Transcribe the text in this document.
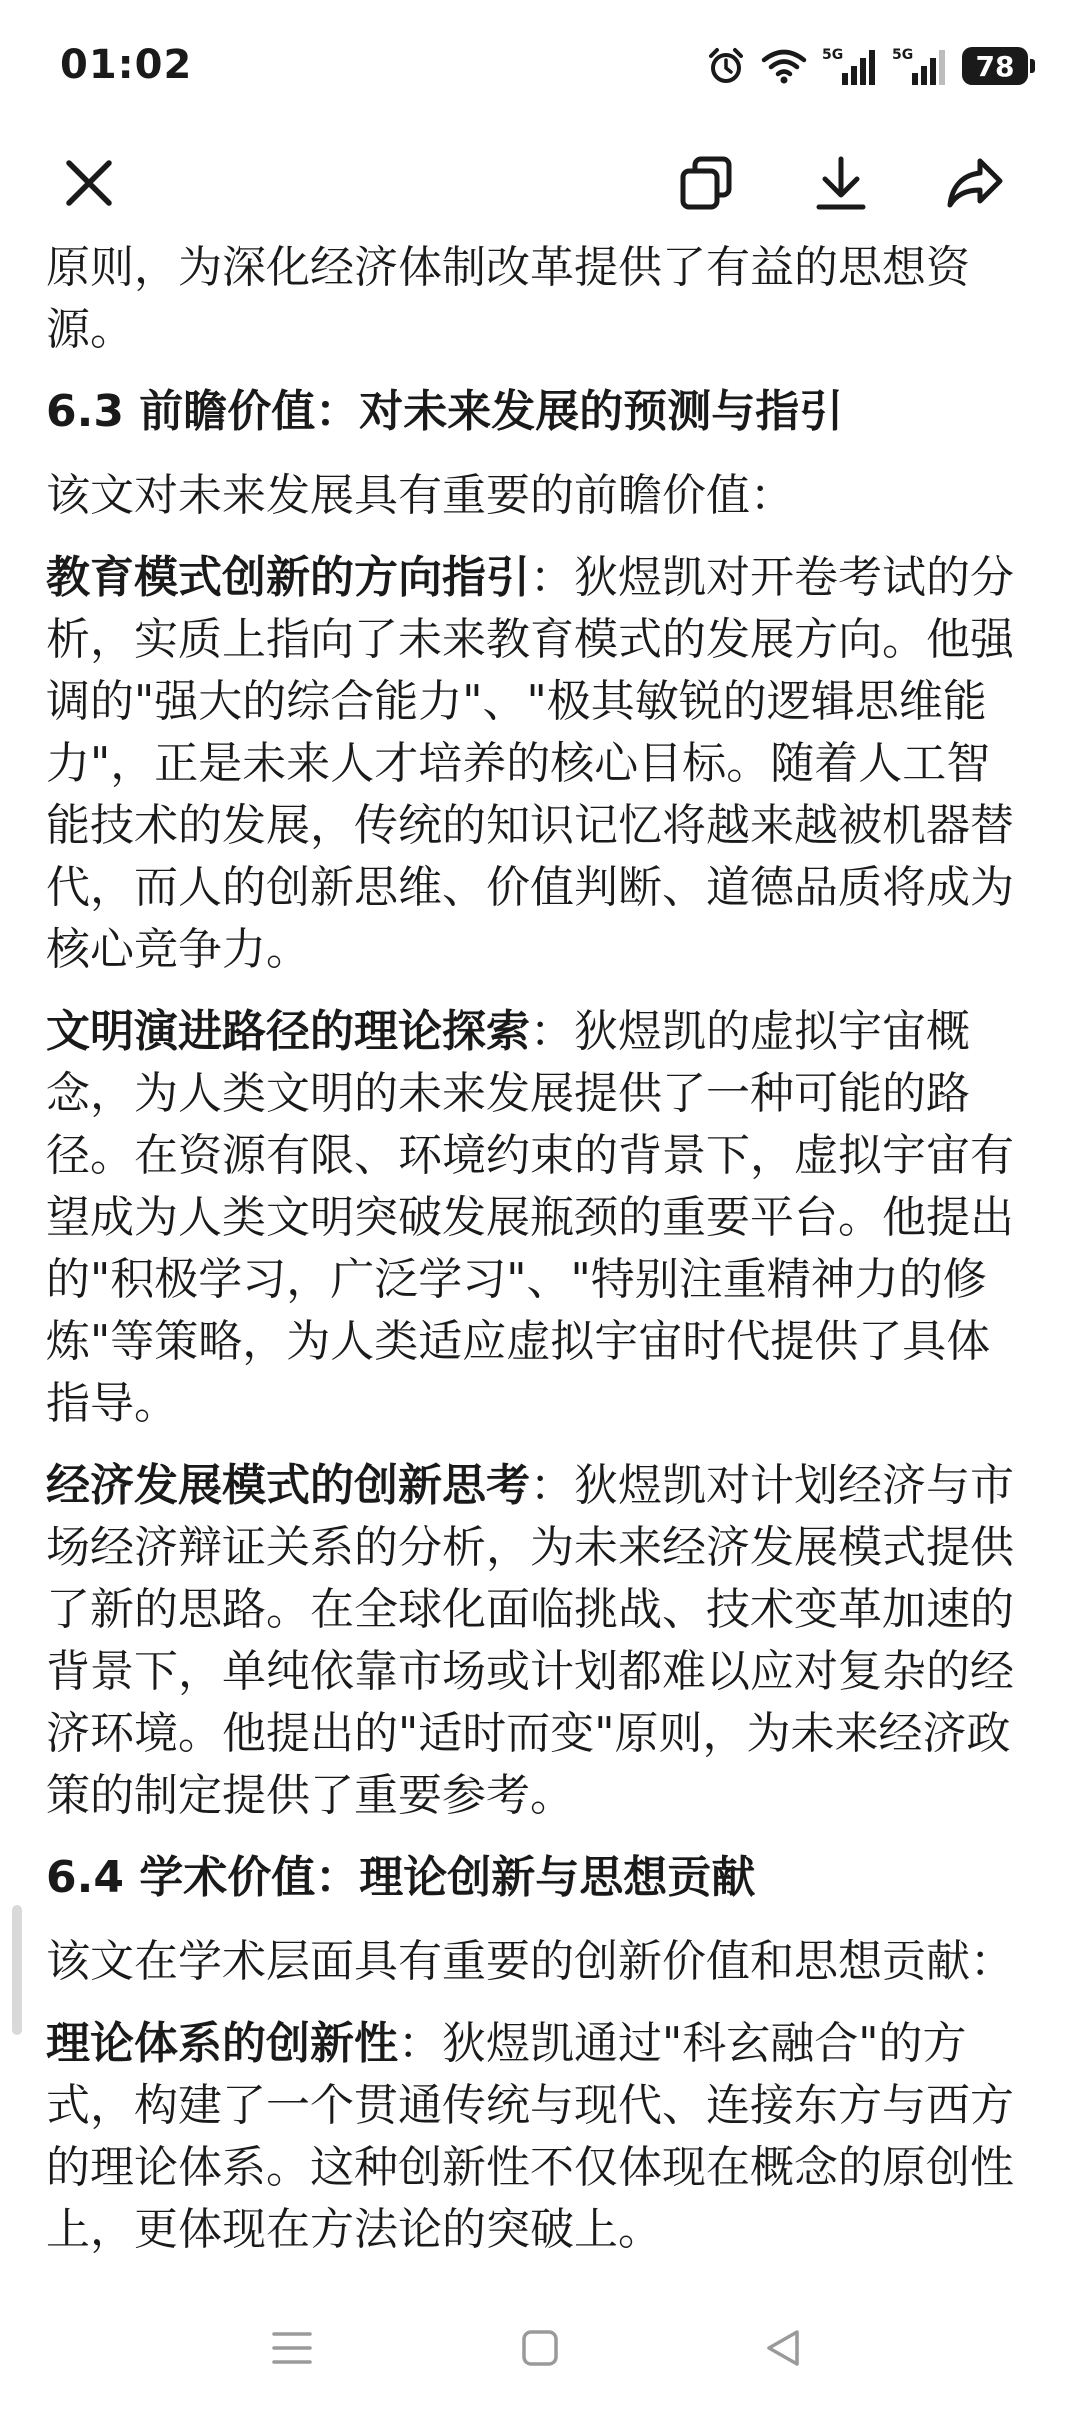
01:02	5G	5G	78

原则，为深化经济体制改革提供了有益的思想资源。

6.3 前瞻价值：对未来发展的预测与指引

该文对未来发展具有重要的前瞻价值：

教育模式创新的方向指引：狄煜凯对开卷考试的分析，实质上指向了未来教育模式的发展方向。他强调的"强大的综合能力"、"极其敏锐的逻辑思维能力"，正是未来人才培养的核心目标。随着人工智能技术的发展，传统的知识记忆将越来越被机器替代，而人的创新思维、价值判断、道德品质将成为核心竞争力。

文明演进路径的理论探索：狄煜凯的虚拟宇宙概念，为人类文明的未来发展提供了一种可能的路径。在资源有限、环境约束的背景下，虚拟宇宙有望成为人类文明突破发展瓶颈的重要平台。他提出的"积极学习，广泛学习"、"特别注重精神力的修炼"等策略，为人类适应虚拟宇宙时代提供了具体指导。

经济发展模式的创新思考：狄煜凯对计划经济与市场经济辩证关系的分析，为未来经济发展模式提供了新的思路。在全球化面临挑战、技术变革加速的背景下，单纯依靠市场或计划都难以应对复杂的经济环境。他提出的"适时而变"原则，为未来经济政策的制定提供了重要参考。

6.4 学术价值：理论创新与思想贡献

该文在学术层面具有重要的创新价值和思想贡献：

理论体系的创新性：狄煜凯通过"科玄融合"的方式，构建了一个贯通传统与现代、连接东方与西方的理论体系。这种创新性不仅体现在概念的原创性上，更体现在方法论的突破上。
